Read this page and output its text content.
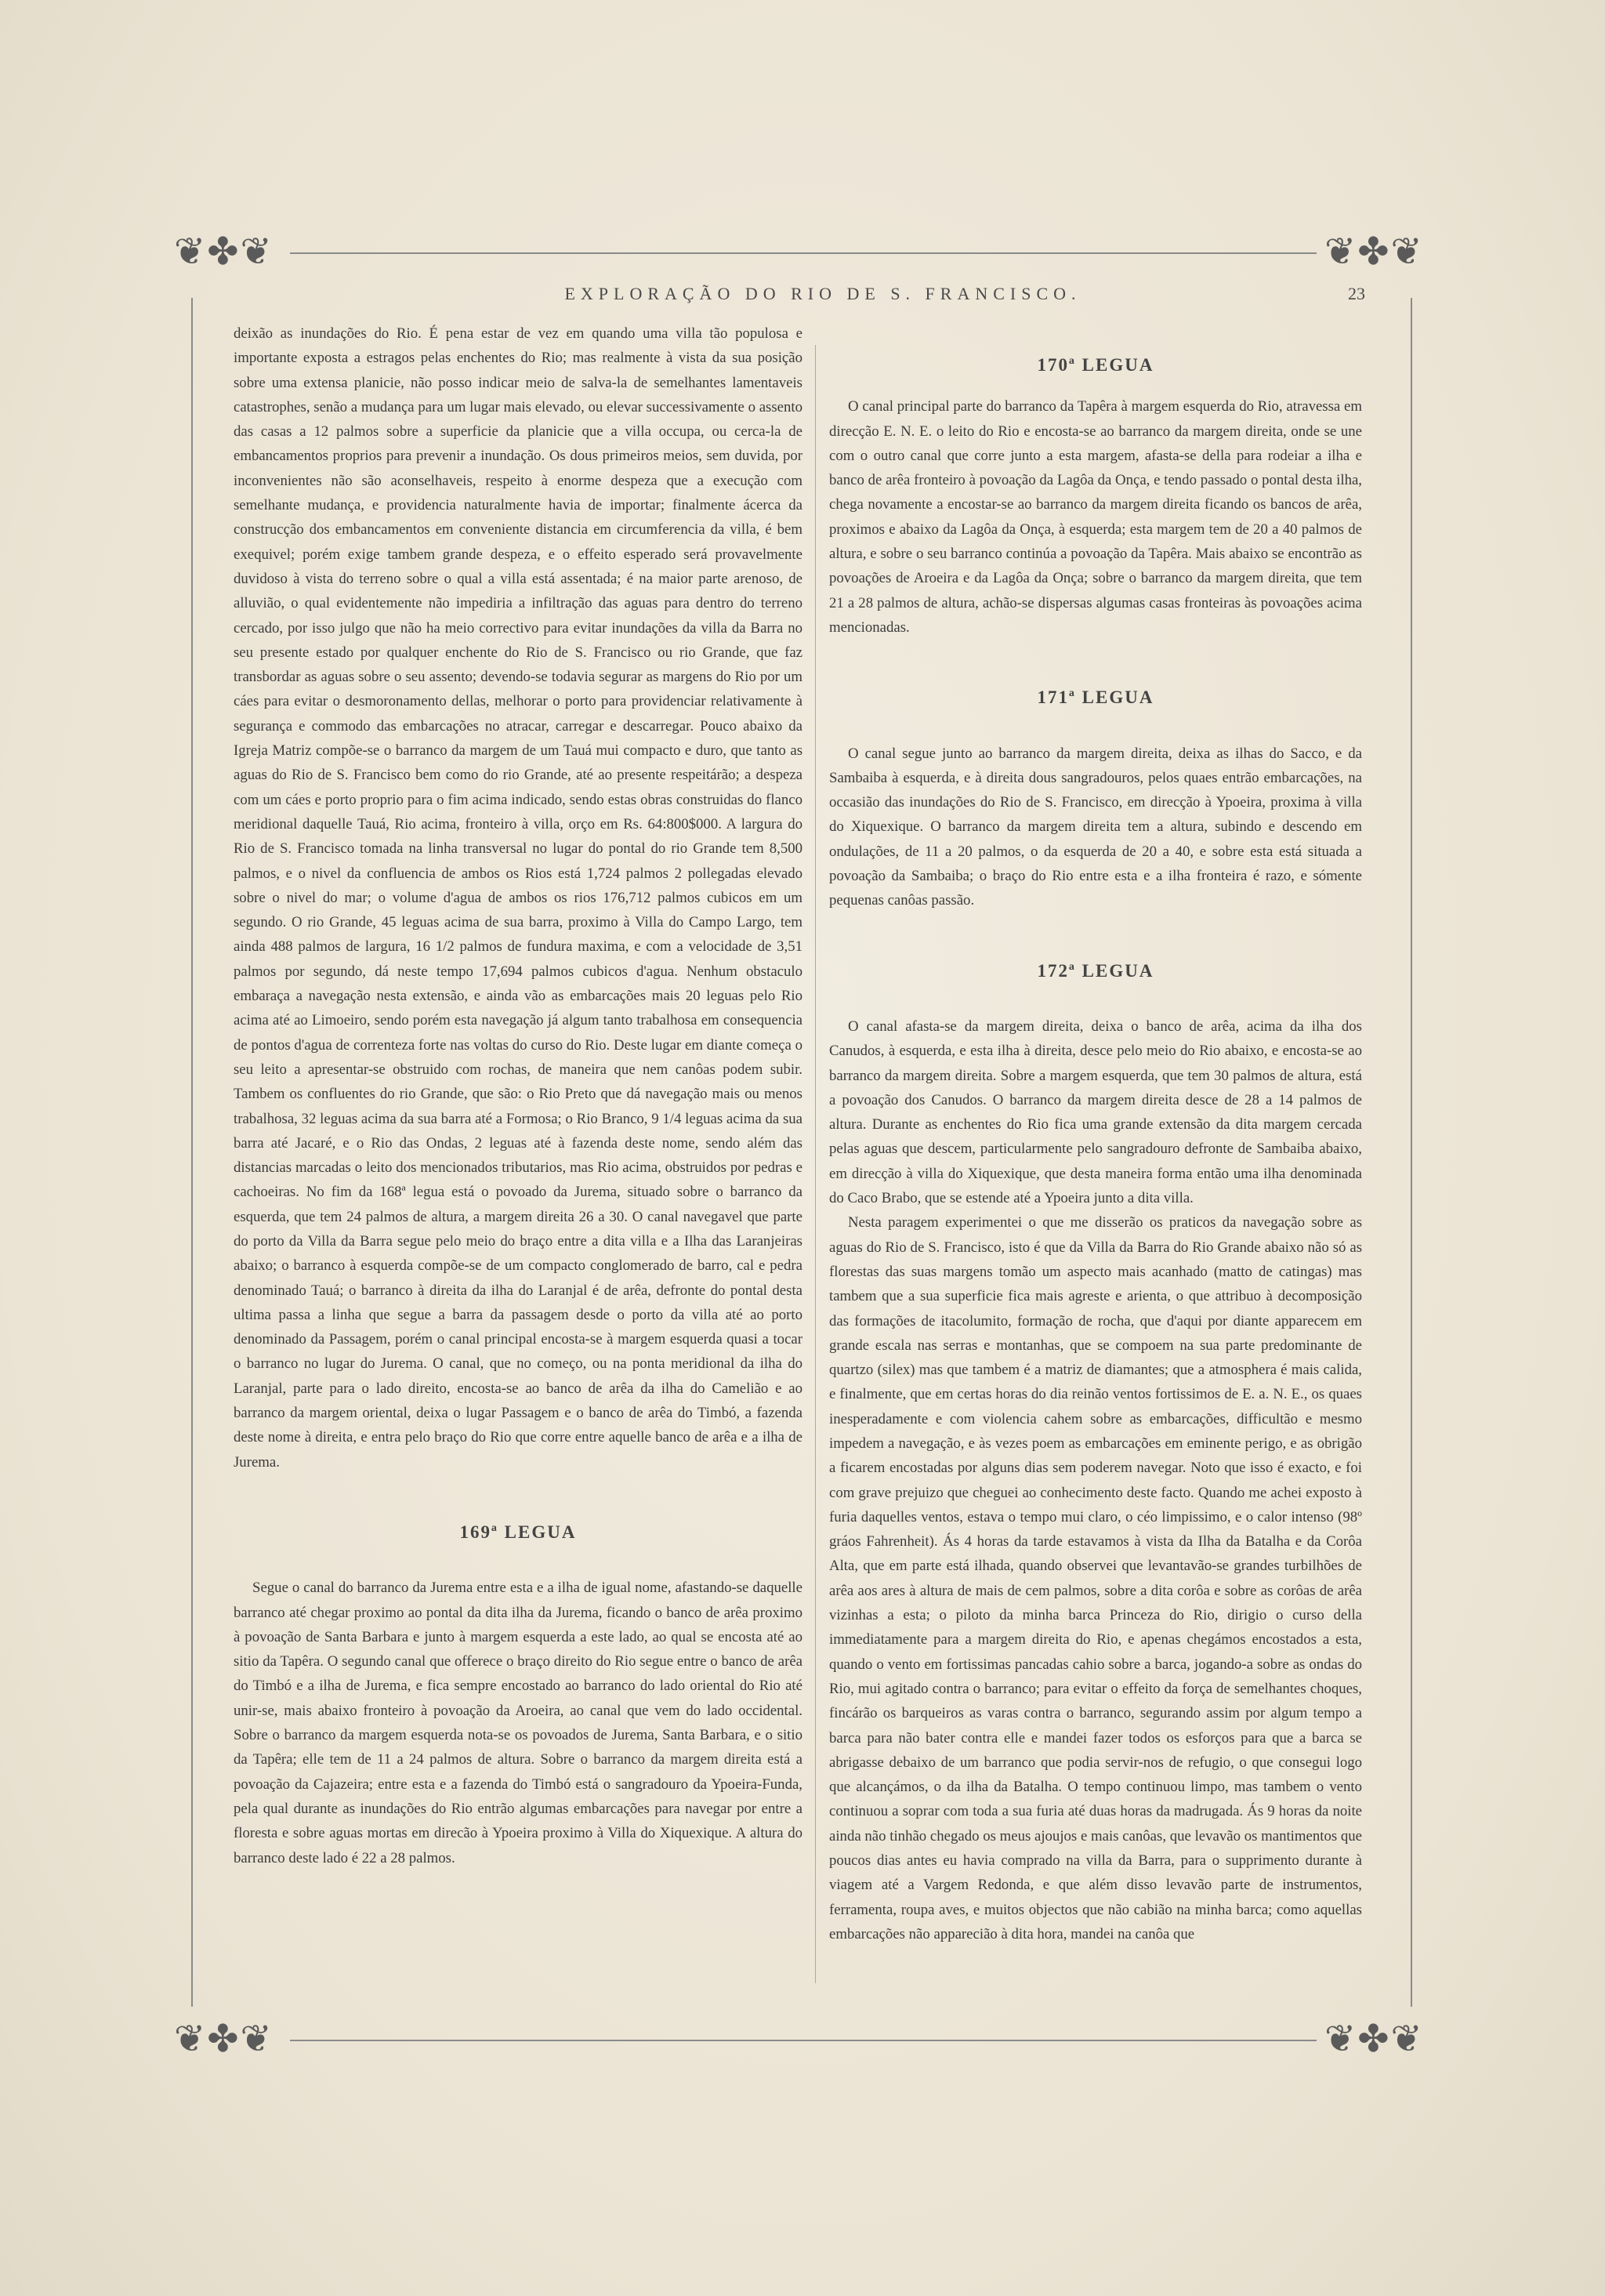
❦✤❦	❦✤❦
❦✤❦	❦✤❦
EXPLORAÇÃO DO RIO DE S. FRANCISCO.	23

deixão as inundações do Rio. É pena estar de vez em quando uma villa tão populosa e importante exposta a estragos pelas enchentes do Rio; mas realmente à vista da sua posição sobre uma extensa planicie, não posso indicar meio de salva-la de semelhantes lamentaveis catastrophes, senão a mudança para um lugar mais elevado, ou elevar successivamente o assento das casas a 12 palmos sobre a superficie da planicie que a villa occupa, ou cerca-la de embancamentos proprios para prevenir a inundação. Os dous primeiros meios, sem duvida, por inconvenientes não são aconselhaveis, respeito à enorme despeza que a execução com semelhante mudança, e providencia naturalmente havia de importar; finalmente ácerca da construcção dos embancamentos em conveniente distancia em circumferencia da villa, é bem exequivel; porém exige tambem grande despeza, e o effeito esperado será provavelmente duvidoso à vista do terreno sobre o qual a villa está assentada; é na maior parte arenoso, de alluvião, o qual evidentemente não impediria a infiltração das aguas para dentro do terreno cercado, por isso julgo que não ha meio correctivo para evitar inundações da villa da Barra no seu presente estado por qualquer enchente do Rio de S. Francisco ou rio Grande, que faz transbordar as aguas sobre o seu assento; devendo-se todavia segurar as margens do Rio por um cáes para evitar o desmoronamento dellas, melhorar o porto para providenciar relativamente à segurança e commodo das embarcações no atracar, carregar e descarregar. Pouco abaixo da Igreja Matriz compõe-se o barranco da margem de um Tauá mui compacto e duro, que tanto as aguas do Rio de S. Francisco bem como do rio Grande, até ao presente respeitárão; a despeza com um cáes e porto proprio para o fim acima indicado, sendo estas obras construidas do flanco meridional daquelle Tauá, Rio acima, fronteiro à villa, orço em Rs. 64:800$000. A largura do Rio de S. Francisco tomada na linha transversal no lugar do pontal do rio Grande tem 8,500 palmos, e o nivel da confluencia de ambos os Rios está 1,724 palmos 2 pollegadas elevado sobre o nivel do mar; o volume d'agua de ambos os rios 176,712 palmos cubicos em um segundo. O rio Grande, 45 leguas acima de sua barra, proximo à Villa do Campo Largo, tem ainda 488 palmos de largura, 16 1/2 palmos de fundura maxima, e com a velocidade de 3,51 palmos por segundo, dá neste tempo 17,694 palmos cubicos d'agua. Nenhum obstaculo embaraça a navegação nesta extensão, e ainda vão as embarcações mais 20 leguas pelo Rio acima até ao Limoeiro, sendo porém esta navegação já algum tanto trabalhosa em consequencia de pontos d'agua de correnteza forte nas voltas do curso do Rio. Deste lugar em diante começa o seu leito a apresentar-se obstruido com rochas, de maneira que nem canôas podem subir. Tambem os confluentes do rio Grande, que são: o Rio Preto que dá navegação mais ou menos trabalhosa, 32 leguas acima da sua barra até a Formosa; o Rio Branco, 9 1/4 leguas acima da sua barra até Jacaré, e o Rio das Ondas, 2 leguas até à fazenda deste nome, sendo além das distancias marcadas o leito dos mencionados tributarios, mas Rio acima, obstruidos por pedras e cachoeiras. No fim da 168ª legua está o povoado da Jurema, situado sobre o barranco da esquerda, que tem 24 palmos de altura, a margem direita 26 a 30. O canal navegavel que parte do porto da Villa da Barra segue pelo meio do braço entre a dita villa e a Ilha das Laranjeiras abaixo; o barranco à esquerda compõe-se de um compacto conglomerado de barro, cal e pedra denominado Tauá; o barranco à direita da ilha do Laranjal é de arêa, defronte do pontal desta ultima passa a linha que segue a barra da passagem desde o porto da villa até ao porto denominado da Passagem, porém o canal principal encosta-se à margem esquerda quasi a tocar o barranco no lugar do Jurema. O canal, que no começo, ou na ponta meridional da ilha do Laranjal, parte para o lado direito, encosta-se ao banco de arêa da ilha do Camelião e ao barranco da margem oriental, deixa o lugar Passagem e o banco de arêa do Timbó, a fazenda deste nome à direita, e entra pelo braço do Rio que corre entre aquelle banco de arêa e a ilha de Jurema.

169ª LEGUA

Segue o canal do barranco da Jurema entre esta e a ilha de igual nome, afastando-se daquelle barranco até chegar proximo ao pontal da dita ilha da Jurema, ficando o banco de arêa proximo à povoação de Santa Barbara e junto à margem esquerda a este lado, ao qual se encosta até ao sitio da Tapêra. O segundo canal que offerece o braço direito do Rio segue entre o banco de arêa do Timbó e a ilha de Jurema, e fica sempre encostado ao barranco do lado oriental do Rio até unir-se, mais abaixo fronteiro à povoação da Aroeira, ao canal que vem do lado occidental. Sobre o barranco da margem esquerda nota-se os povoados de Jurema, Santa Barbara, e o sitio da Tapêra; elle tem de 11 a 24 palmos de altura. Sobre o barranco da margem direita está a povoação da Cajazeira; entre esta e a fazenda do Timbó está o sangradouro da Ypoeira-Funda, pela qual durante as inundações do Rio entrão algumas embarcações para navegar por entre a floresta e sobre aguas mortas em direcão à Ypoeira proximo à Villa do Xiquexique. A altura do barranco deste lado é 22 a 28 palmos.

170ª LEGUA

O canal principal parte do barranco da Tapêra à margem esquerda do Rio, atravessa em direcção E. N. E. o leito do Rio e encosta-se ao barranco da margem direita, onde se une com o outro canal que corre junto a esta margem, afasta-se della para rodeiar a ilha e banco de arêa fronteiro à povoação da Lagôa da Onça, e tendo passado o pontal desta ilha, chega novamente a encostar-se ao barranco da margem direita ficando os bancos de arêa, proximos e abaixo da Lagôa da Onça, à esquerda; esta margem tem de 20 a 40 palmos de altura, e sobre o seu barranco continúa a povoação da Tapêra. Mais abaixo se encontrão as povoações de Aroeira e da Lagôa da Onça; sobre o barranco da margem direita, que tem 21 a 28 palmos de altura, achão-se dispersas algumas casas fronteiras às povoações acima mencionadas.

171ª LEGUA

O canal segue junto ao barranco da margem direita, deixa as ilhas do Sacco, e da Sambaiba à esquerda, e à direita dous sangradouros, pelos quaes entrão embarcações, na occasião das inundações do Rio de S. Francisco, em direcção à Ypoeira, proxima à villa do Xiquexique. O barranco da margem direita tem a altura, subindo e descendo em ondulações, de 11 a 20 palmos, o da esquerda de 20 a 40, e sobre esta está situada a povoação da Sambaiba; o braço do Rio entre esta e a ilha fronteira é razo, e sómente pequenas canôas passão.

172ª LEGUA

O canal afasta-se da margem direita, deixa o banco de arêa, acima da ilha dos Canudos, à esquerda, e esta ilha à direita, desce pelo meio do Rio abaixo, e encosta-se ao barranco da margem direita. Sobre a margem esquerda, que tem 30 palmos de altura, está a povoação dos Canudos. O barranco da margem direita desce de 28 a 14 palmos de altura. Durante as enchentes do Rio fica uma grande extensão da dita margem cercada pelas aguas que descem, particularmente pelo sangradouro defronte de Sambaiba abaixo, em direcção à villa do Xiquexique, que desta maneira forma então uma ilha denominada do Caco Brabo, que se estende até a Ypoeira junto a dita villa.

Nesta paragem experimentei o que me disserão os praticos da navegação sobre as aguas do Rio de S. Francisco, isto é que da Villa da Barra do Rio Grande abaixo não só as florestas das suas margens tomão um aspecto mais acanhado (matto de catingas) mas tambem que a sua superficie fica mais agreste e arienta, o que attribuo à decomposição das formações de itacolumito, formação de rocha, que d'aqui por diante apparecem em grande escala nas serras e montanhas, que se compoem na sua parte predominante de quartzo (silex) mas que tambem é a matriz de diamantes; que a atmosphera é mais calida, e finalmente, que em certas horas do dia reinão ventos fortissimos de E. a. N. E., os quaes inesperadamente e com violencia cahem sobre as embarcações, difficultão e mesmo impedem a navegação, e às vezes poem as embarcações em eminente perigo, e as obrigão a ficarem encostadas por alguns dias sem poderem navegar. Noto que isso é exacto, e foi com grave prejuizo que cheguei ao conhecimento deste facto. Quando me achei exposto à furia daquelles ventos, estava o tempo mui claro, o céo limpissimo, e o calor intenso (98º gráos Fahrenheit). Ás 4 horas da tarde estavamos à vista da Ilha da Batalha e da Corôa Alta, que em parte está ilhada, quando observei que levantavão-se grandes turbilhões de arêa aos ares à altura de mais de cem palmos, sobre a dita corôa e sobre as corôas de arêa vizinhas a esta; o piloto da minha barca Princeza do Rio, dirigio o curso della immediatamente para a margem direita do Rio, e apenas chegámos encostados a esta, quando o vento em fortissimas pancadas cahio sobre a barca, jogando-a sobre as ondas do Rio, mui agitado contra o barranco; para evitar o effeito da força de semelhantes choques, fincárão os barqueiros as varas contra o barranco, segurando assim por algum tempo a barca para não bater contra elle e mandei fazer todos os esforços para que a barca se abrigasse debaixo de um barranco que podia servir-nos de refugio, o que consegui logo que alcançámos, o da ilha da Batalha. O tempo continuou limpo, mas tambem o vento continuou a soprar com toda a sua furia até duas horas da madrugada. Ás 9 horas da noite ainda não tinhão chegado os meus ajoujos e mais canôas, que levavão os mantimentos que poucos dias antes eu havia comprado na villa da Barra, para o supprimento durante à viagem até a Vargem Redonda, e que além disso levavão parte de instrumentos, ferramenta, roupa aves, e muitos objectos que não cabião na minha barca; como aquellas embarcações não apparecião à dita hora, mandei na canôa que
